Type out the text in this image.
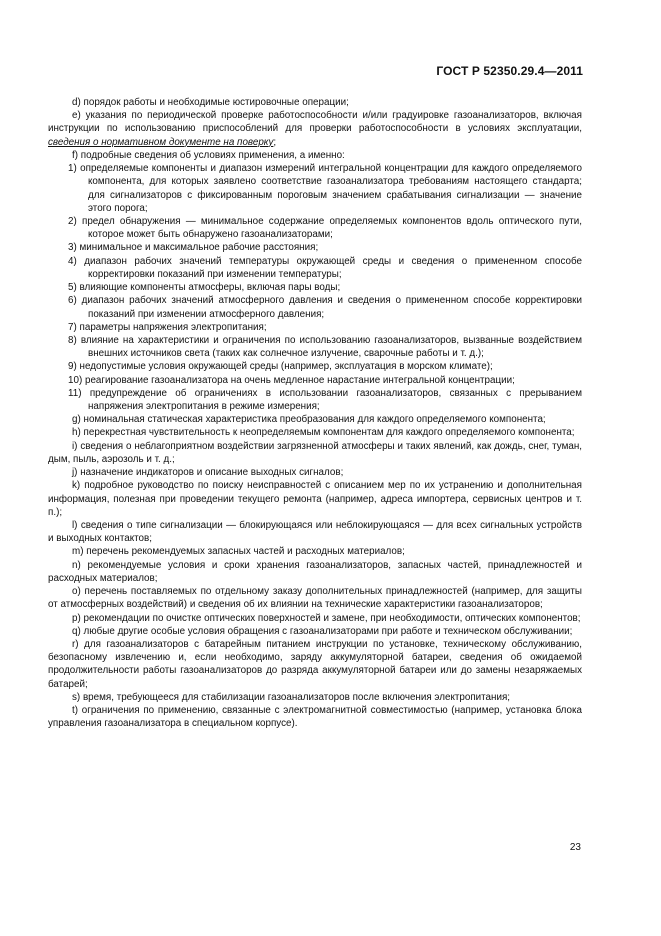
ГОСТ Р 52350.29.4—2011

d) порядок работы и необходимые юстировочные операции;

e) указания по периодической проверке работоспособности и/или градуировке газоанализаторов, включая инструкции по использованию приспособлений для проверки работоспособности в условиях эксплуатации, сведения о нормативном документе на поверку;

f) подробные сведения об условиях применения, а именно:

1) определяемые компоненты и диапазон измерений интегральной концентрации для каждого определяемого компонента, для которых заявлено соответствие газоанализатора требованиям настоящего стандарта; для сигнализаторов с фиксированным пороговым значением срабатывания сигнализации — значение этого порога;

2) предел обнаружения — минимальное содержание определяемых компонентов вдоль оптического пути, которое может быть обнаружено газоанализаторами;

3) минимальное и максимальное рабочие расстояния;

4) диапазон рабочих значений температуры окружающей среды и сведения о примененном способе корректировки показаний при изменении температуры;

5) влияющие компоненты атмосферы, включая пары воды;

6) диапазон рабочих значений атмосферного давления и сведения о примененном способе корректировки показаний при изменении атмосферного давления;

7) параметры напряжения электропитания;

8) влияние на характеристики и ограничения по использованию газоанализаторов, вызванные воздействием внешних источников света (таких как солнечное излучение, сварочные работы и т. д.);

9) недопустимые условия окружающей среды (например, эксплуатация в морском климате);

10) реагирование газоанализатора на очень медленное нарастание интегральной концентрации;

11) предупреждение об ограничениях в использовании газоанализаторов, связанных с прерыванием напряжения электропитания в режиме измерения;

g) номинальная статическая характеристика преобразования для каждого определяемого компонента;

h) перекрестная чувствительность к неопределяемым компонентам для каждого определяемого компонента;

i) сведения о неблагоприятном воздействии загрязненной атмосферы и таких явлений, как дождь, снег, туман, дым, пыль, аэрозоль и т. д.;

j) назначение индикаторов и описание выходных сигналов;

k) подробное руководство по поиску неисправностей с описанием мер по их устранению и дополнительная информация, полезная при проведении текущего ремонта (например, адреса импортера, сервисных центров и т. п.);

l) сведения о типе сигнализации — блокирующаяся или неблокирующаяся — для всех сигнальных устройств и выходных контактов;

m) перечень рекомендуемых запасных частей и расходных материалов;

n) рекомендуемые условия и сроки хранения газоанализаторов, запасных частей, принадлежностей и расходных материалов;

o) перечень поставляемых по отдельному заказу дополнительных принадлежностей (например, для защиты от атмосферных воздействий) и сведения об их влиянии на технические характеристики газоанализаторов;

p) рекомендации по очистке оптических поверхностей и замене, при необходимости, оптических компонентов;

q) любые другие особые условия обращения с газоанализаторами при работе и техническом обслуживании;

r) для газоанализаторов с батарейным питанием инструкции по установке, техническому обслуживанию, безопасному извлечению и, если необходимо, заряду аккумуляторной батареи, сведения об ожидаемой продолжительности работы газоанализаторов до разряда аккумуляторной батареи или до замены незаряжаемых батарей;

s) время, требующееся для стабилизации газоанализаторов после включения электропитания;

t) ограничения по применению, связанные с электромагнитной совместимостью (например, установка блока управления газоанализатора в специальном корпусе).

23
